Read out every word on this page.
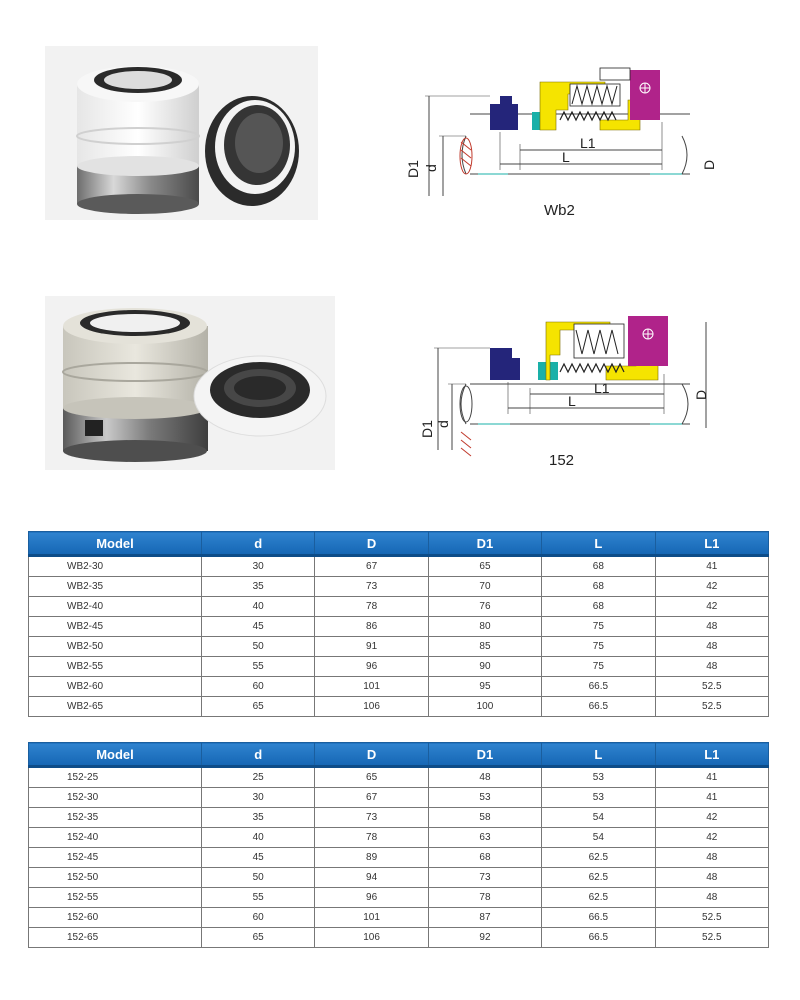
D1 d
L1
L	D
Wb2
D1 d
L1
L	D
152
Model	d	D	D1	L	L1
WB2-30	30	67	65	68	41
WB2-35	35	73	70	68	42
WB2-40	40	78	76	68	42
WB2-45	45	86	80	75	48
WB2-50	50	91	85	75	48
WB2-55	55	96	90	75	48
WB2-60	60	101	95	66.5	52.5
WB2-65	65	106	100	66.5	52.5
Model	d	D	D1	L	L1
152-25	25	65	48	53	41
152-30	30	67	53	53	41
152-35	35	73	58	54	42
152-40	40	78	63	54	42
152-45	45	89	68	62.5	48
152-50	50	94	73	62.5	48
152-55	55	96	78	62.5	48
152-60	60	101	87	66.5	52.5
152-65	65	106	92	66.5	52.5
